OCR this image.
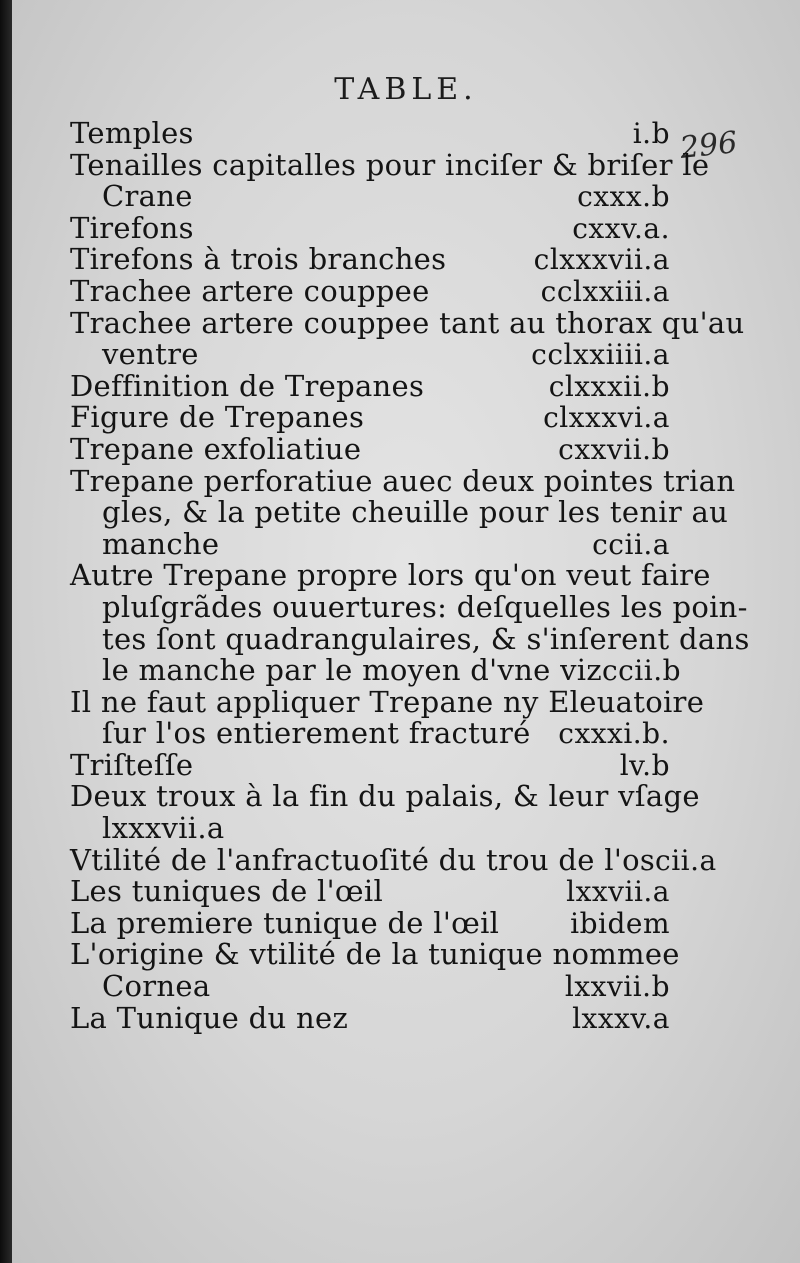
TABLE.
296
Temples	i.b
Tenailles capitalles pour inciſer & briſer le
Crane	cxxx.b
Tirefons	cxxv.a.
Tirefons à trois branches	clxxxvii.a
Trachee artere couppee	cclxxiii.a
Trachee artere couppee tant au thorax qu'au
ventre	cclxxiiii.a
Deffinition de Trepanes	clxxxii.b
Figure de Trepanes	clxxxvi.a
Trepane exfoliatiue	cxxvii.b
Trepane perforatiue auec deux pointes trian
gles, & la petite cheuille pour les tenir au
manche	ccii.a
Autre Trepane propre lors qu'on veut faire
pluſgrãdes ouuertures: deſquelles les poin-
tes ſont quadrangulaires, & s'inſerent dans
le manche par le moyen d'vne viz ccii.b
Il ne faut appliquer Trepane ny Eleuatoire
ſur l'os entierement fracturé cxxxi.b.
Triſteſſe	lv.b
Deux troux à la fin du palais, & leur vſage
lxxxvii.a
Vtilité de l'anfractuoſité du trou de l'os cii.a
Les tuniques de l'œil	lxxvii.a
La premiere tunique de l'œil	ibidem
L'origine & vtilité de la tunique nommee
Cornea	lxxvii.b
La Tunique du nez	lxxxv.a
